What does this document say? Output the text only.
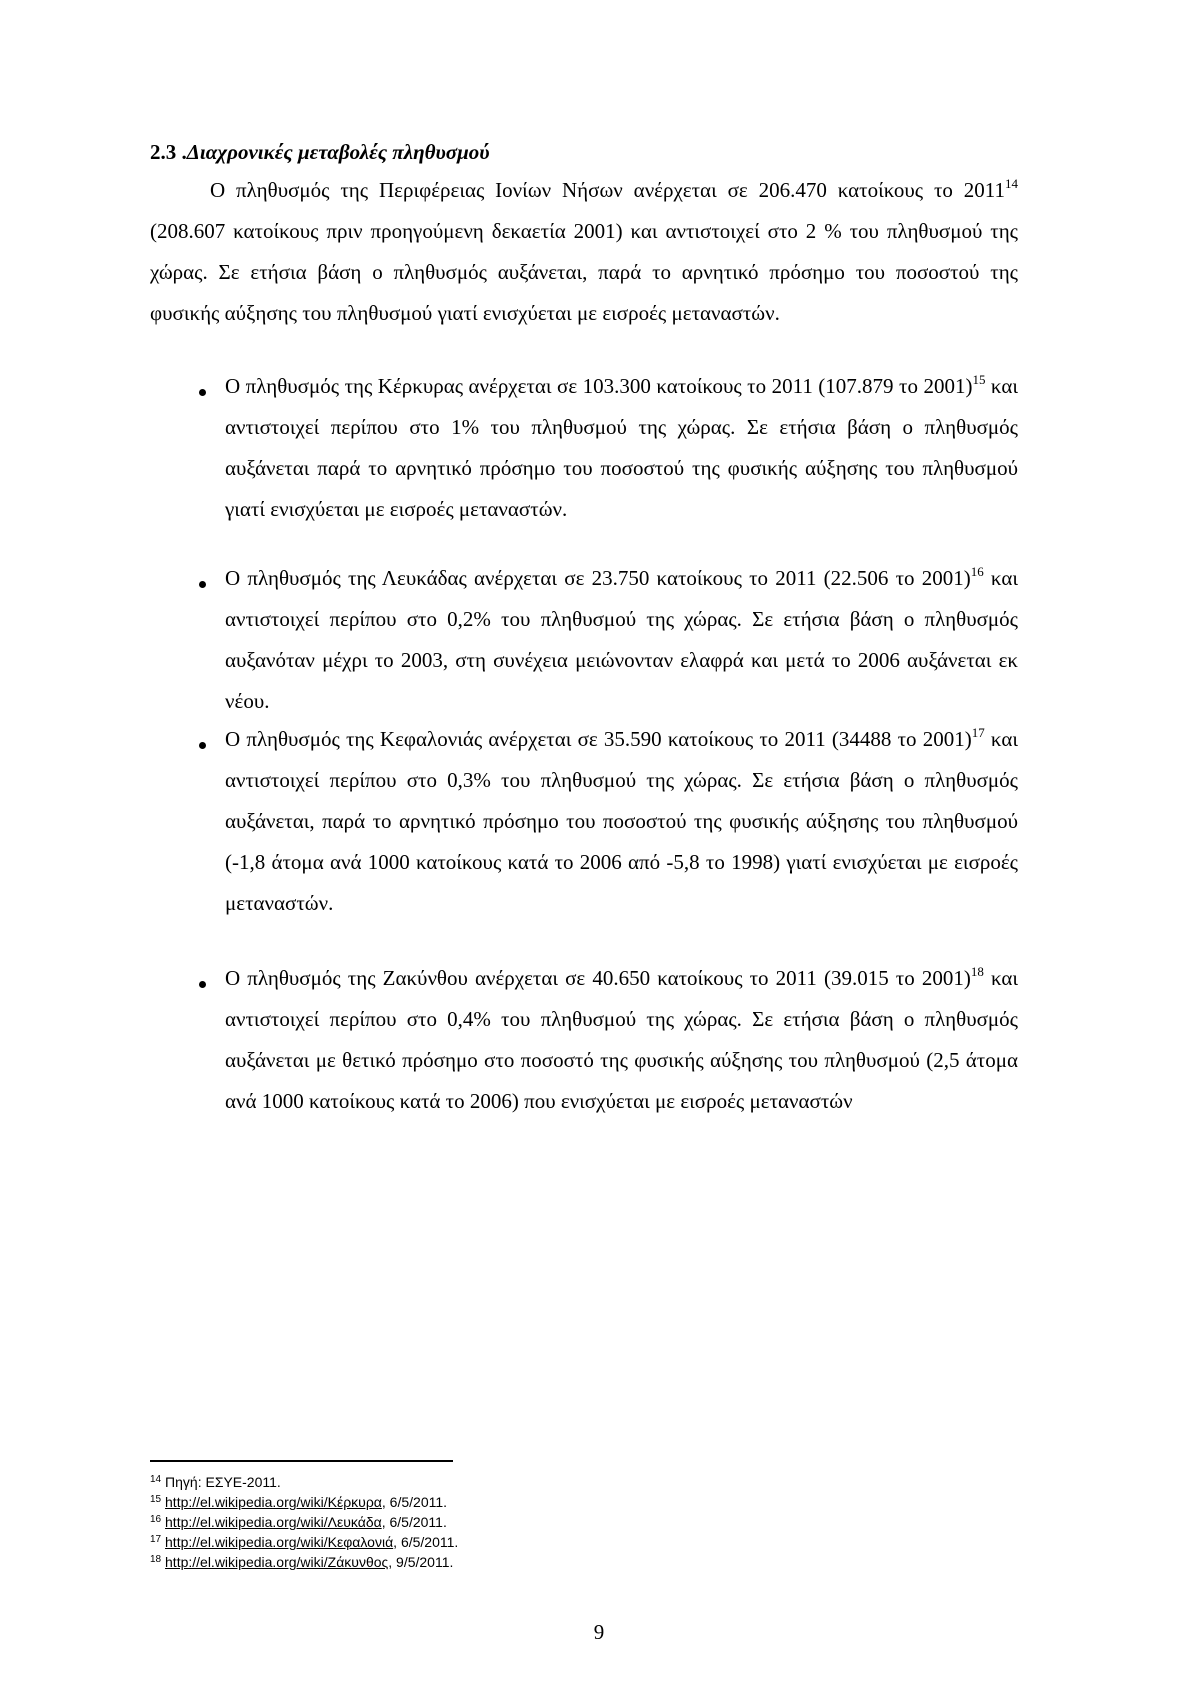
2.3 .Διαχρονικές μεταβολές πληθυσμού
Ο πληθυσμός της Περιφέρειας Ιονίων Νήσων ανέρχεται σε 206.470 κατοίκους το 2011$^{14}$ (208.607 κατοίκους πριν προηγούμενη δεκαετία 2001) και αντιστοιχεί στο 2 % του πληθυσμού της χώρας. Σε ετήσια βάση ο πληθυσμός αυξάνεται, παρά το αρνητικό πρόσημο του ποσοστού της φυσικής αύξησης του πληθυσμού γιατί ενισχύεται με εισροές μεταναστών.
Ο πληθυσμός της Κέρκυρας ανέρχεται σε 103.300 κατοίκους το 2011 (107.879 το 2001)$^{15}$ και αντιστοιχεί περίπου στο 1% του πληθυσμού της χώρας. Σε ετήσια βάση ο πληθυσμός αυξάνεται παρά το αρνητικό πρόσημο του ποσοστού της φυσικής αύξησης του πληθυσμού γιατί ενισχύεται με εισροές μεταναστών.
Ο πληθυσμός της Λευκάδας ανέρχεται σε 23.750 κατοίκους το 2011 (22.506 το 2001)$^{16}$ και αντιστοιχεί περίπου στο 0,2% του πληθυσμού της χώρας. Σε ετήσια βάση ο πληθυσμός αυξανόταν μέχρι το 2003, στη συνέχεια μειώνονταν ελαφρά και μετά το 2006 αυξάνεται εκ νέου.
Ο πληθυσμός της Κεφαλονιάς ανέρχεται σε 35.590 κατοίκους το 2011 (34488 το 2001)$^{17}$ και αντιστοιχεί περίπου στο 0,3% του πληθυσμού της χώρας. Σε ετήσια βάση ο πληθυσμός αυξάνεται, παρά το αρνητικό πρόσημο του ποσοστού της φυσικής αύξησης του πληθυσμού (-1,8 άτομα ανά 1000 κατοίκους κατά το 2006 από -5,8 το 1998) γιατί ενισχύεται με εισροές μεταναστών.
Ο πληθυσμός της Ζακύνθου ανέρχεται σε 40.650 κατοίκους το 2011 (39.015 το 2001)$^{18}$ και αντιστοιχεί περίπου στο 0,4% του πληθυσμού της χώρας. Σε ετήσια βάση ο πληθυσμός αυξάνεται με θετικό πρόσημο στο ποσοστό της φυσικής αύξησης του πληθυσμού (2,5 άτομα ανά 1000 κατοίκους κατά το 2006) που ενισχύεται με εισροές μεταναστών
$^{14}$ Πηγή: ΕΣΥΕ-2011.
$^{15}$ http://el.wikipedia.org/wiki/Κέρκυρα, 6/5/2011.
$^{16}$ http://el.wikipedia.org/wiki/Λευκάδα, 6/5/2011.
$^{17}$ http://el.wikipedia.org/wiki/Κεφαλονιά, 6/5/2011.
$^{18}$ http://el.wikipedia.org/wiki/Ζάκυνθος, 9/5/2011.
9
